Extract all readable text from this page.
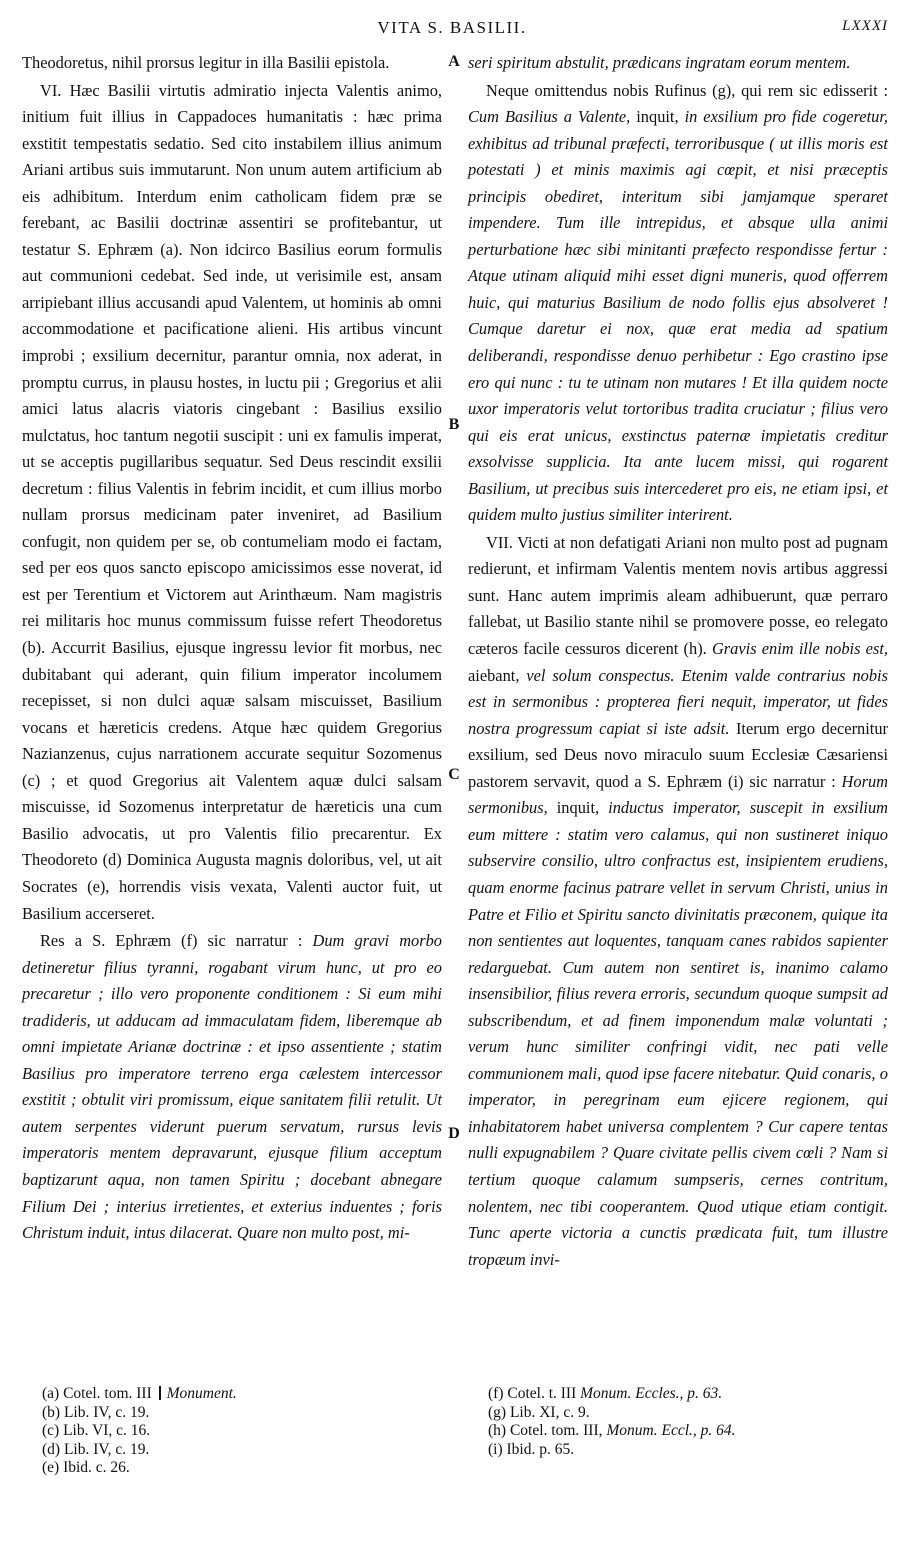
VITA S. BASILII.	LXXXI

Theodoretus, nihil prorsus legitur in illa Basilii epistola.

VI. Hæc Basilii virtutis admiratio injecta Valentis animo, initium fuit illius in Cappadoces humanitatis : hæc prima exstitit tempestatis sedatio. Sed cito instabilem illius animum Ariani artibus suis immutarunt. Non unum autem artificium ab eis adhibitum. Interdum enim catholicam fidem præ se ferebant, ac Basilii doctrinæ assentiri se profitebantur, ut testatur S. Ephræm (a). Non idcirco Basilius eorum formulis aut communioni cedebat. Sed inde, ut verisimile est, ansam arripiebant illius accusandi apud Valentem, ut hominis ab omni accommodatione et pacificatione alieni. His artibus vincunt improbi ; exsilium decernitur, parantur omnia, nox aderat, in promptu currus, in plausu hostes, in luctu pii ; Gregorius et alii amici latus alacris viatoris cingebant : Basilius exsilio mulctatus, hoc tantum negotii suscipit : uni ex famulis imperat, ut se acceptis pugillaribus sequatur. Sed Deus rescindit exsilii decretum : filius Valentis in febrim incidit, et cum illius morbo nullam prorsus medicinam pater inveniret, ad Basilium confugit, non quidem per se, ob contumeliam modo ei factam, sed per eos quos sancto episcopo amicissimos esse noverat, id est per Terentium et Victorem aut Arinthæum. Nam magistris rei militaris hoc munus commissum fuisse refert Theodoretus (b). Accurrit Basilius, ejusque ingressu levior fit morbus, nec dubitabant qui aderant, quin filium imperator incolumem recepisset, si non dulci aquæ salsam miscuisset, Basilium vocans et hæreticis credens. Atque hæc quidem Gregorius Nazianzenus, cujus narrationem accurate sequitur Sozomenus (c) ; et quod Gregorius ait Valentem aquæ dulci salsam miscuisse, id Sozomenus interpretatur de hæreticis una cum Basilio advocatis, ut pro Valentis filio precarentur. Ex Theodoreto (d) Dominica Augusta magnis doloribus, vel, ut ait Socrates (e), horrendis visis vexata, Valenti auctor fuit, ut Basilium accerseret.

Res a S. Ephræm (f) sic narratur : Dum gravi morbo detineretur filius tyranni, rogabant virum hunc, ut pro eo precaretur ; illo vero proponente conditionem : Si eum mihi tradideris, ut adducam ad immaculatam fidem, liberemque ab omni impietate Arianæ doctrinæ : et ipso assentiente ; statim Basilius pro imperatore terreno erga cælestem intercessor exstitit ; obtulit viri promissum, eique sanitatem filii retulit. Ut autem serpentes viderunt puerum servatum, rursus levis imperatoris mentem depravarunt, ejusque filium acceptum baptizarunt aqua, non tamen Spiritu ; docebant abnegare Filium Dei ; interius irretientes, et exterius induentes ; foris Christum induit, intus dilacerat. Quare non multo post, mi-

seri spiritum abstulit, prædicans ingratam eorum mentem.

Neque omittendus nobis Rufinus (g), qui rem sic edisserit : Cum Basilius a Valente, inquit, in exsilium pro fide cogeretur, exhibitus ad tribunal præfecti, terroribusque ( ut illis moris est potestati ) et minis maximis agi cœpit, et nisi præceptis principis obediret, interitum sibi jamjamque speraret impendere. Tum ille intrepidus, et absque ulla animi perturbatione hæc sibi minitanti præfecto respondisse fertur : Atque utinam aliquid mihi esset digni muneris, quod offerrem huic, qui maturius Basilium de nodo follis ejus absolveret ! Cumque daretur ei nox, quæ erat media ad spatium deliberandi, respondisse denuo perhibetur : Ego crastino ipse ero qui nunc : tu te utinam non mutares ! Et illa quidem nocte uxor imperatoris velut tortoribus tradita cruciatur ; filius vero qui eis erat unicus, exstinctus paternæ impietatis creditur exsolvisse supplicia. Ita ante lucem missi, qui rogarent Basilium, ut precibus suis intercederet pro eis, ne etiam ipsi, et quidem multo justius similiter interirent.

VII. Victi at non defatigati Ariani non multo post ad pugnam redierunt, et infirmam Valentis mentem novis artibus aggressi sunt. Hanc autem imprimis aleam adhibuerunt, quæ perraro fallebat, ut Basilio stante nihil se promovere posse, eo relegato cæteros facile cessuros dicerent (h). Gravis enim ille nobis est, aiebant, vel solum conspectus. Etenim valde contrarius nobis est in sermonibus : propterea fieri nequit, imperator, ut fides nostra progressum capiat si iste adsit. Iterum ergo decernitur exsilium, sed Deus novo miraculo suum Ecclesiæ Cæsariensi pastorem servavit, quod a S. Ephræm (i) sic narratur : Horum sermonibus, inquit, inductus imperator, suscepit in exsilium eum mittere : statim vero calamus, qui non sustineret iniquo subservire consilio, ultro confractus est, insipientem erudiens, quam enorme facinus patrare vellet in servum Christi, unius in Patre et Filio et Spiritu sancto divinitatis præconem, quique ita non sentientes aut loquentes, tanquam canes rabidos sapienter redarguebat. Cum autem non sentiret is, inanimo calamo insensibilior, filius revera erroris, secundum quoque sumpsit ad subscribendum, et ad finem imponendum malæ voluntati ; verum hunc similiter confringi vidit, nec pati velle communionem mali, quod ipse facere nitebatur. Quid conaris, o imperator, in peregrinam eum ejicere regionem, qui inhabitatorem habet universa complentem ? Cur capere tentas nulli expugnabilem ? Quare civitate pellis civem cœli ? Nam si tertium quoque calamum sumpseris, cernes contritum, nolentem, nec tibi cooperantem. Quod utique etiam contigit. Tunc aperte victoria a cunctis prædicata fuit, tum illustre tropæum invi-

A
B
C
D
(a) Cotel. tom. III Monument.
(b) Lib. IV, c. 19.
(c) Lib. VI, c. 16.
(d) Lib. IV, c. 19.
(e) Ibid. c. 26.
(f) Cotel. t. III Monum. Eccles., p. 63.
(g) Lib. XI, c. 9.
(h) Cotel. tom. III, Monum. Eccl., p. 64.
(i) Ibid. p. 65.
